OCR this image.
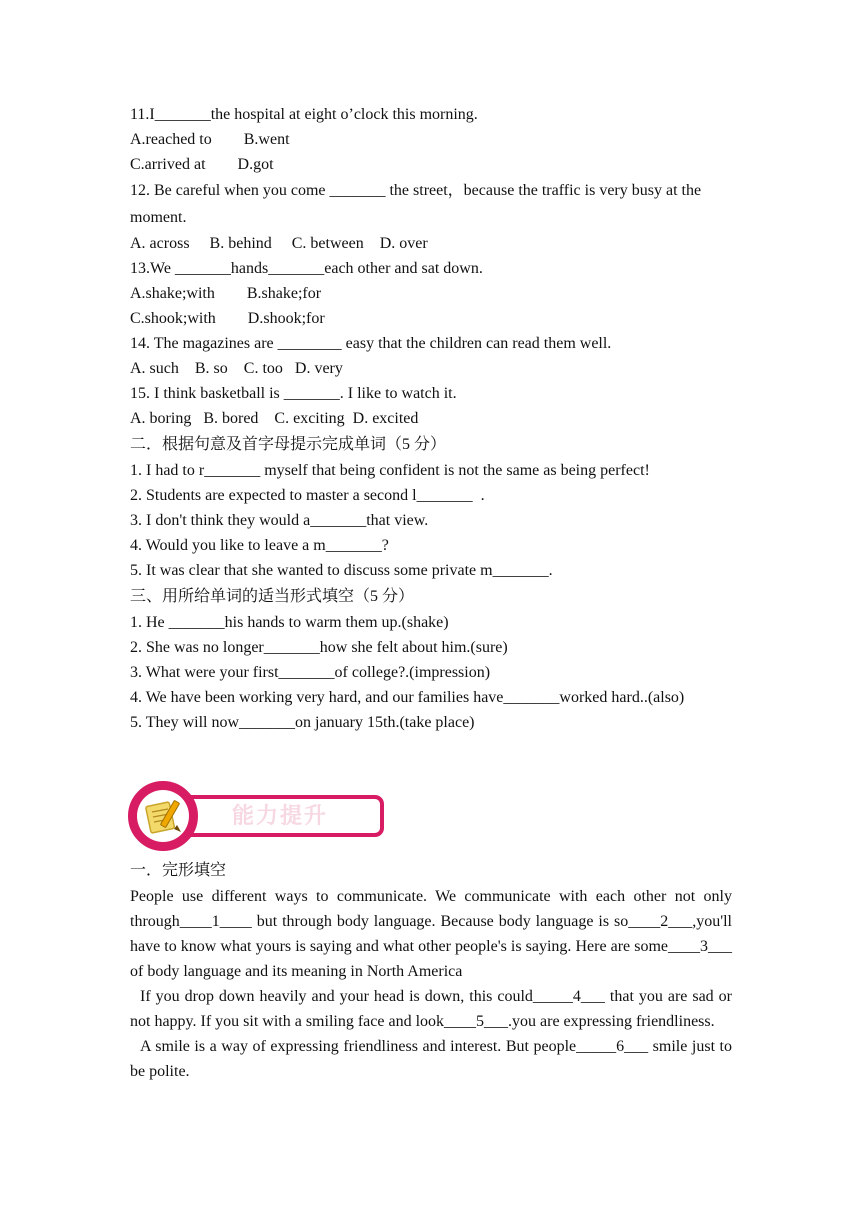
11.I_______the hospital at eight o’clock this morning.
A.reached to        B.went
C.arrived at        D.got
12. Be careful when you come _______ the street，because the traffic is very busy at the moment.
A. across     B. behind     C. between    D. over
13.We _______hands_______each other and sat down.
A.shake;with        B.shake;for
C.shook;with        D.shook;for
14. The magazines are ________ easy that the children can read them well.
A. such    B. so    C. too   D. very
15. I think basketball is _______. I like to watch it.
A. boring   B. bored    C. exciting  D. excited
二．根据句意及首字母提示完成单词（5 分）
1. I had to r_______ myself that being confident is not the same as being perfect!
2. Students are expected to master a second l_______  .
3. I don't think they would a_______that view.
4. Would you like to leave a m_______?
5. It was clear that she wanted to discuss some private m_______.
三、用所给单词的适当形式填空（5 分）
1. He _______his hands to warm them up.(shake)
2. She was no longer_______how she felt about him.(sure)
3. What were your first_______of college?.(impression)
4. We have been working very hard, and our families have_______worked hard..(also)
5. They will now_______on january 15th.(take place)
能力提升
一．完形填空
People use different ways to communicate. We communicate with each other not only through____1____ but through body language. Because body language is so____2___,you'll have to know what yours is saying and what other people's is saying. Here are some____3___ of body language and its meaning in North America
If you drop down heavily and your head is down, this could_____4___ that you are sad or not happy. If you sit with a smiling face and look____5___.you are expressing friendliness.
A smile is a way of expressing friendliness and interest. But people_____6___ smile just to be polite.
